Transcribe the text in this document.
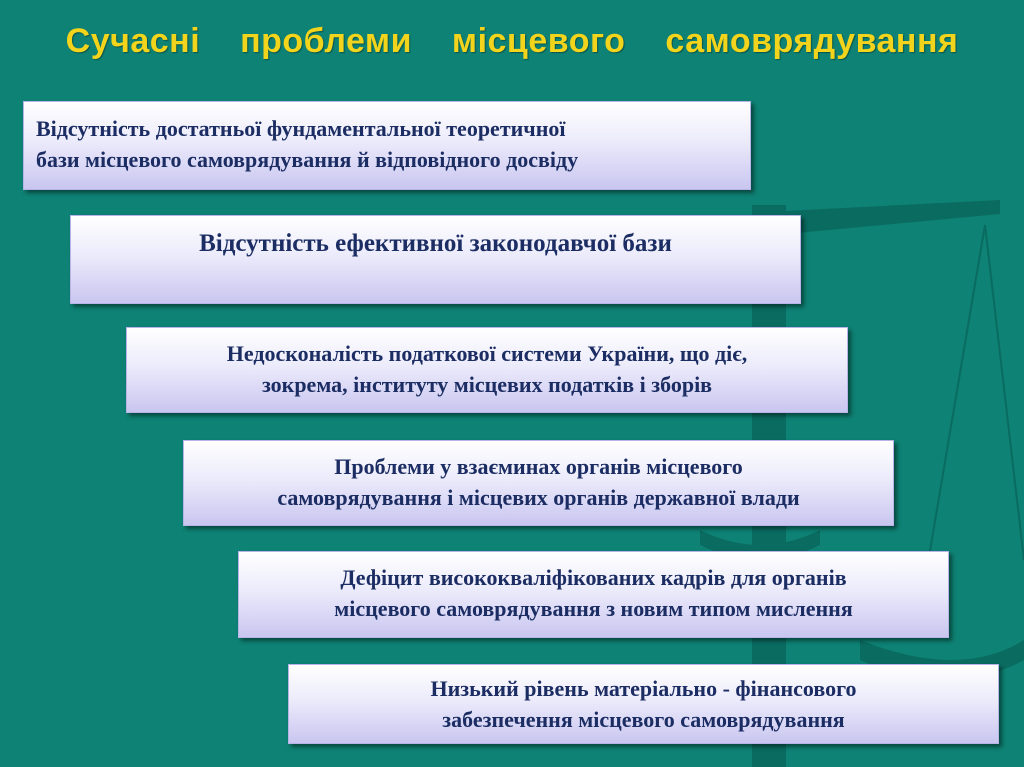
Сучасні проблеми місцевого самоврядування
Відсутність достатньої фундаментальної теоретичної
бази місцевого самоврядування й відповідного досвіду
Відсутність ефективної законодавчої бази
Недосконалість податкової системи України, що діє,
зокрема, інституту місцевих податків і зборів
Проблеми у взаєминах органів місцевого
самоврядування і місцевих органів державної влади
Дефіцит висококваліфікованих кадрів для органів
місцевого самоврядування з новим типом мислення
Низький рівень матеріально - фінансового
забезпечення місцевого самоврядування
